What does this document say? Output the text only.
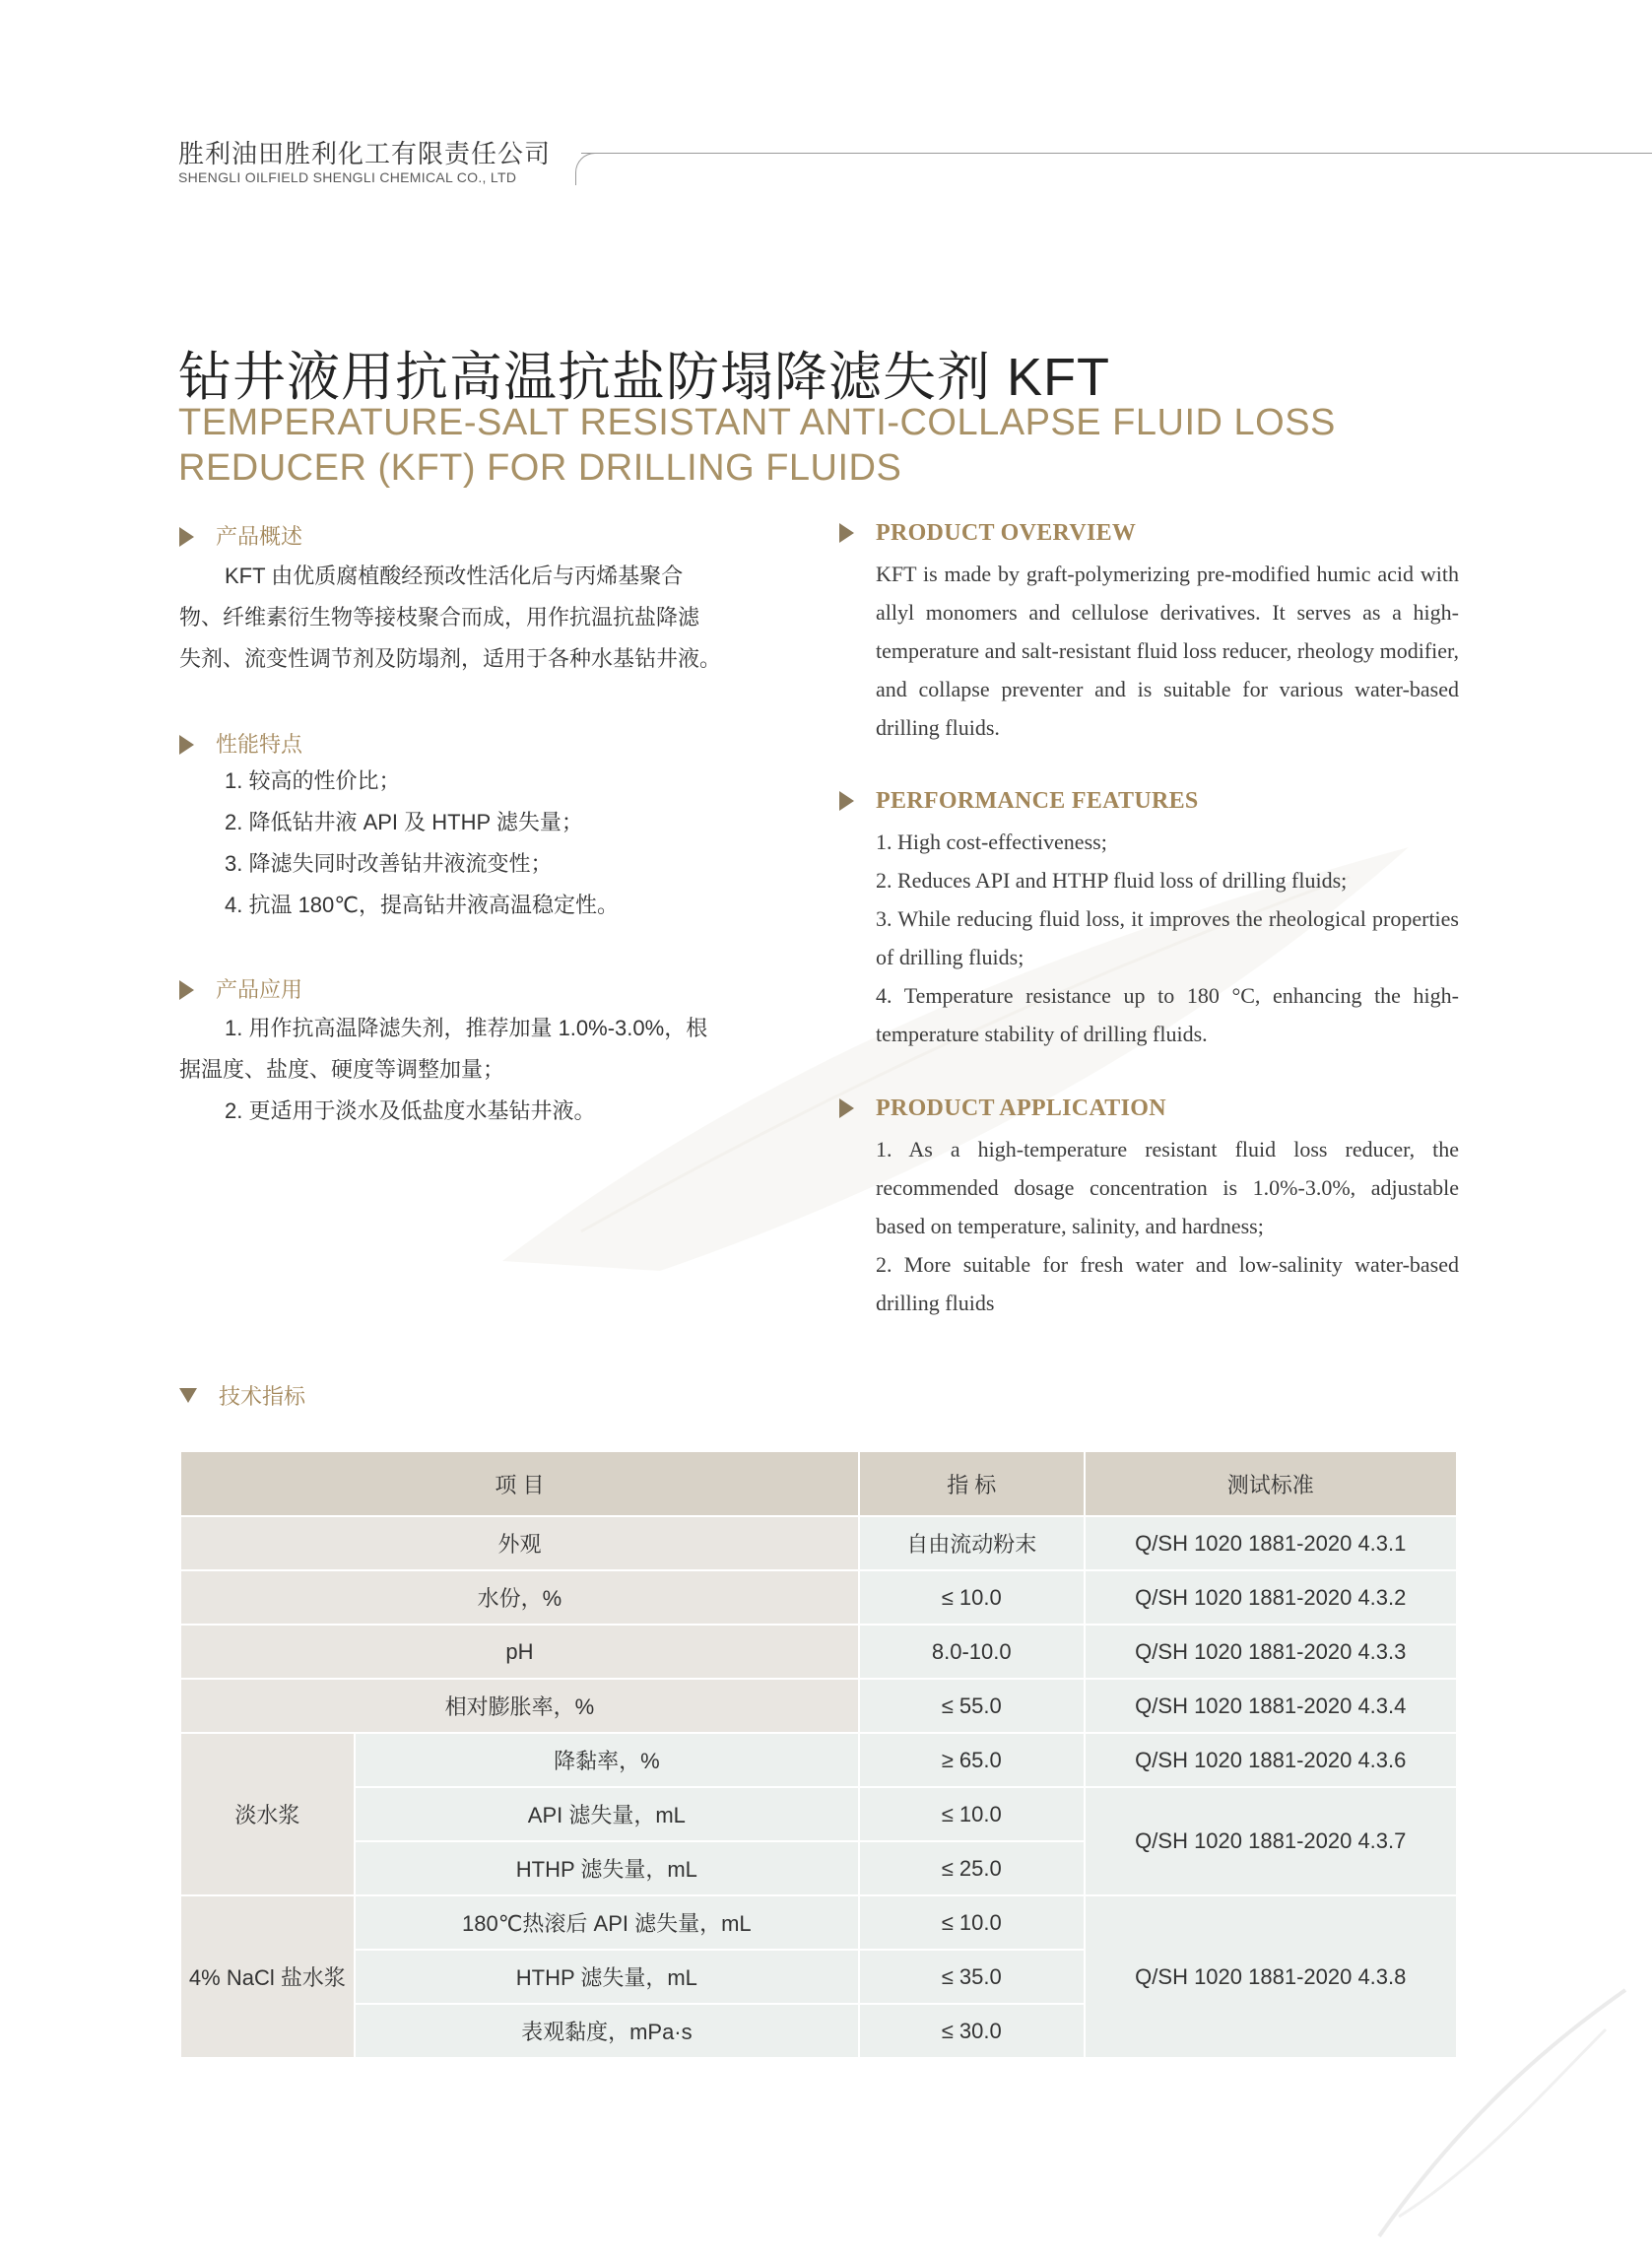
胜利油田胜利化工有限责任公司
SHENGLI OILFIELD SHENGLI CHEMICAL CO., LTD
钻井液用抗高温抗盐防塌降滤失剂 KFT
TEMPERATURE-SALT RESISTANT ANTI-COLLAPSE FLUID LOSS REDUCER (KFT) FOR DRILLING FLUIDS
产品概述
KFT 由优质腐植酸经预改性活化后与丙烯基聚合
物、纤维素衍生物等接枝聚合而成，用作抗温抗盐降滤
失剂、流变性调节剂及防塌剂，适用于各种水基钻井液。
性能特点
1. 较高的性价比；
2. 降低钻井液 API 及 HTHP 滤失量；
3. 降滤失同时改善钻井液流变性；
4. 抗温 180℃，提高钻井液高温稳定性。
产品应用
1. 用作抗高温降滤失剂，推荐加量 1.0%-3.0%，根
据温度、盐度、硬度等调整加量；
2. 更适用于淡水及低盐度水基钻井液。
PRODUCT OVERVIEW

KFT is made by graft-polymerizing pre-modified humic acid with allyl monomers and cellulose derivatives. It serves as a high-temperature and salt-resistant fluid loss reducer, rheology modifier, and collapse preventer and is suitable for various water-based drilling fluids.

PERFORMANCE FEATURES

1. High cost-effectiveness;

2. Reduces API and HTHP fluid loss of drilling fluids;

3. While reducing fluid loss, it improves the rheological properties of drilling fluids;

4. Temperature resistance up to 180 °C, enhancing the high-temperature stability of drilling fluids.

PRODUCT APPLICATION

1. As a high-temperature resistant fluid loss reducer, the recommended dosage concentration is 1.0%-3.0%, adjustable based on temperature, salinity, and hardness;

2. More suitable for fresh water and low-salinity water-based drilling fluids

技术指标
项 目		指 标	测试标准
外观		自由流动粉末	Q/SH 1020 1881-2020 4.3.1
水份，%		≤ 10.0	Q/SH 1020 1881-2020 4.3.2
pH		8.0-10.0	Q/SH 1020 1881-2020 4.3.3
相对膨胀率，%		≤ 55.0	Q/SH 1020 1881-2020 4.3.4
淡水浆	降黏率，%	≥ 65.0	Q/SH 1020 1881-2020 4.3.6
	API 滤失量，mL	≤ 10.0	Q/SH 1020 1881-2020 4.3.7
	HTHP 滤失量，mL	≤ 25.0	
4% NaCl 盐水浆	180℃热滚后 API 滤失量，mL	≤ 10.0	Q/SH 1020 1881-2020 4.3.8
	HTHP 滤失量，mL	≤ 35.0	
	表观黏度，mPa·s	≤ 30.0	
